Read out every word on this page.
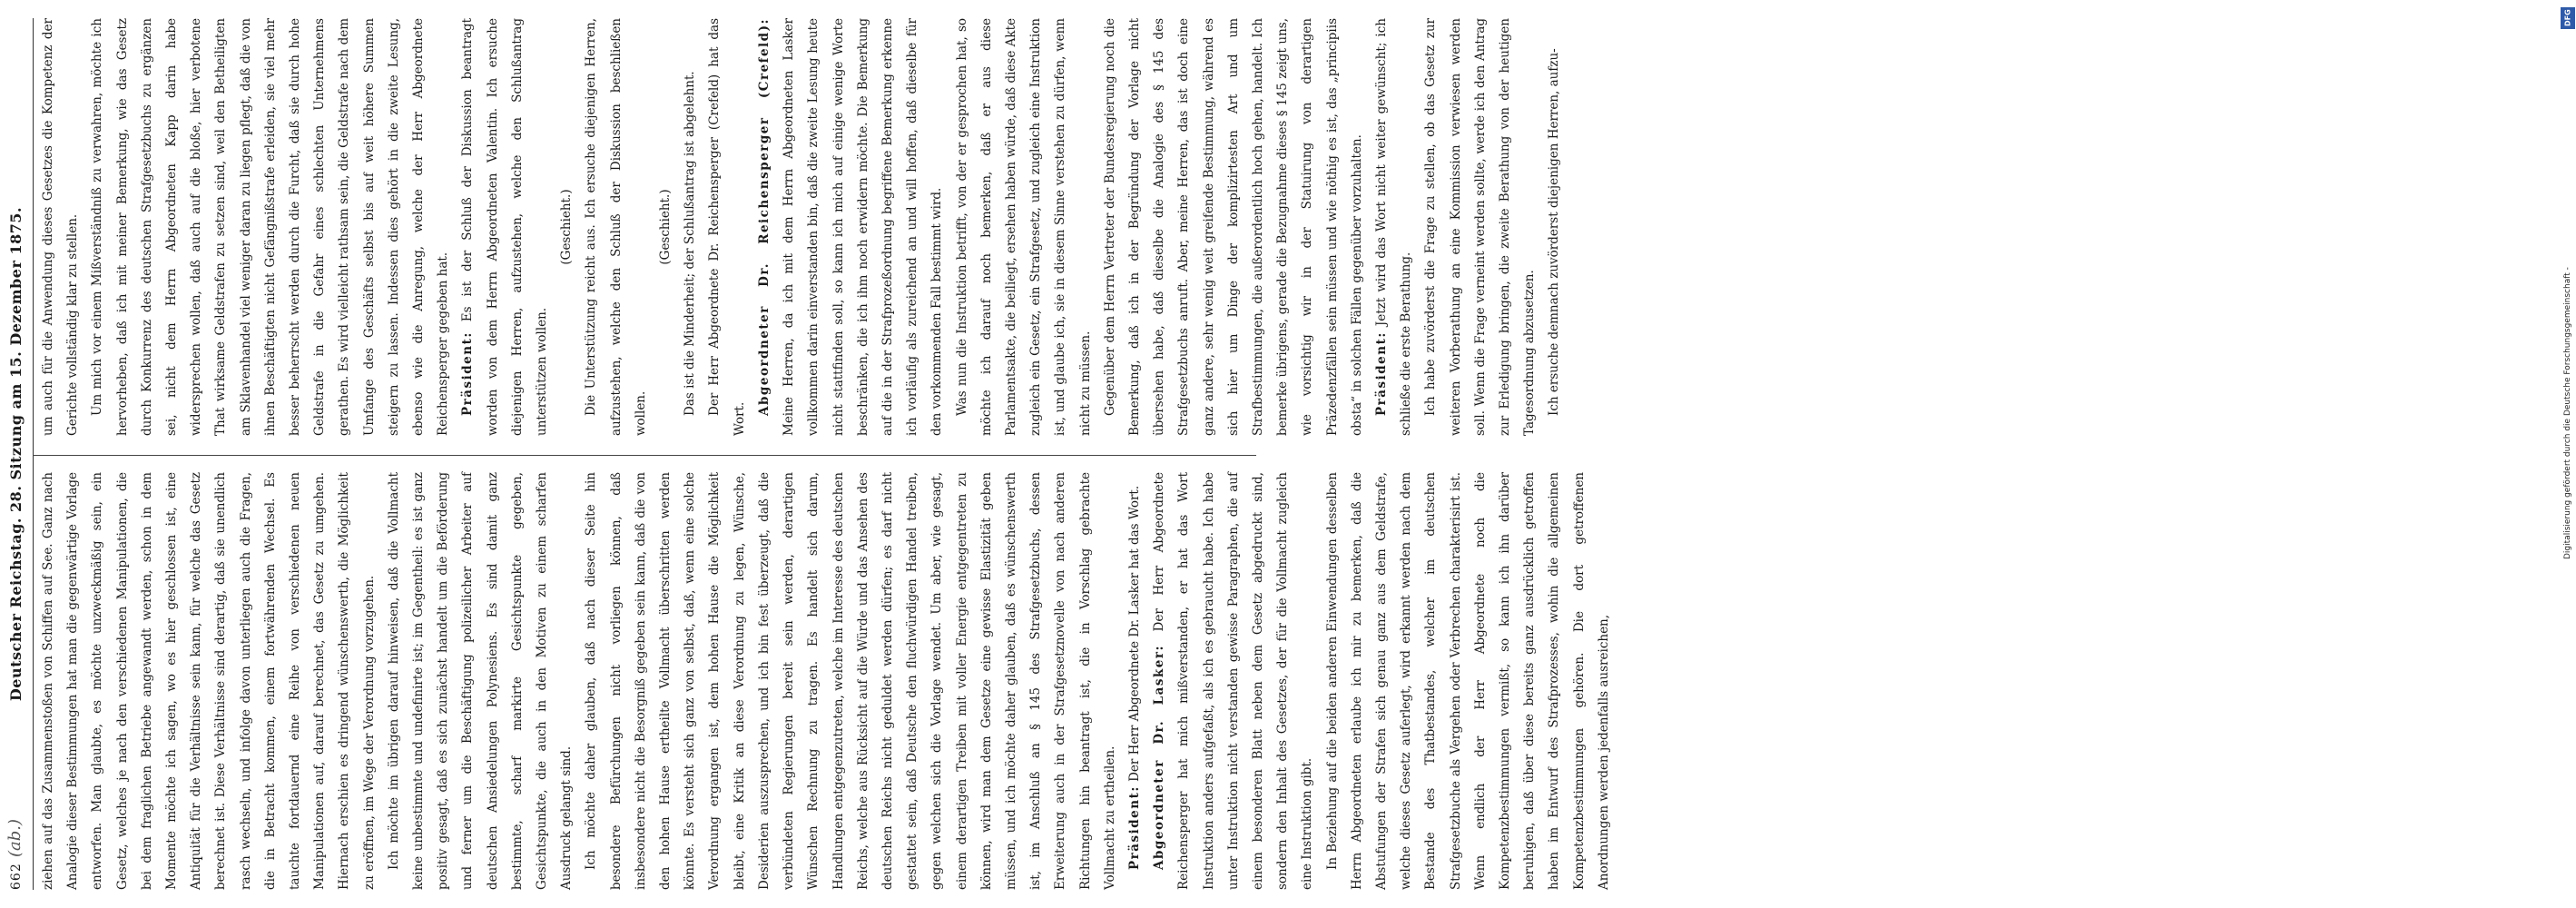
DFG
Digitalisierung gefördert durch die Deutsche Forschungsgemeinschaft -
662
(ab.)
Deutscher Reichstag. 28. Sitzung am 15. Dezember 1875.	ziehen auf das Zusammenstoßen von Schiffen auf See. Ganz nach Analogie dieser Bestimmungen hat man die gegenwärtige Vorlage entworfen. Man glaubte, es möchte unzweckmäßig sein, ein Gesetz, welches je nach den verschiedenen Manipulationen, die bei dem fraglichen Betriebe angewandt werden, schon in dem Momente möchte ich sagen, wo es hier geschlossen ist, eine Antiquität für die Verhältnisse sein kann, für welche das Gesetz berechnet ist. Diese Verhältnisse sind derartig, daß sie unendlich rasch wechseln, und infolge davon unterliegen auch die Fragen, die in Betracht kommen, einem fortwährenden Wechsel. Es tauchte fortdauernd eine Reihe von verschiedenen neuen Manipulationen auf, darauf berechnet, das Gesetz zu umgehen. Hiernach erschien es dringend wünschenswerth, die Möglichkeit zu eröffnen, im Wege der Verordnung vorzugehen. Ich möchte im übrigen darauf hinweisen, daß die Vollmacht keine unbestimmte und undefinirte ist; im Gegentheil: es ist ganz positiv gesagt, daß es sich zunächst handelt um die Beförderung und ferner um die Beschäftigung polizeilicher Arbeiter auf deutschen Ansiedelungen Polynesiens. Es sind damit ganz bestimmte, scharf markirte Gesichtspunkte gegeben, Gesichtspunkte, die auch in den Motiven zu einem scharfen Ausdruck gelangt sind. Ich möchte daher glauben, daß nach dieser Seite hin besondere Befürchungen nicht vorliegen können, daß insbesondere nicht die Besorgniß gegeben sein kann, daß die von den hohen Hause ertheilte Vollmacht überschritten werden könnte. Es versteht sich ganz von selbst, daß, wenn eine solche Verordnung ergangen ist, dem hohen Hause die Möglichkeit bleibt, eine Kritik an diese Verordnung zu legen, Wünsche, Desiderien auszusprechen, und ich bin fest überzeugt, daß die verbündeten Regierungen bereit sein werden, derartigen Wünschen Rechnung zu tragen. Es handelt sich darum, Handlungen entgegenzutreten, welche im Interesse des deutschen Reichs, welche aus Rücksicht auf die Würde und das Ansehen des deutschen Reichs nicht geduldet werden dürfen; es darf nicht gestattet sein, daß Deutsche den fluchwürdigen Handel treiben, gegen welchen sich die Vorlage wendet. Um aber, wie gesagt, einem derartigen Treiben mit voller Energie entgegentreten zu können, wird man dem Gesetze eine gewisse Elastizität geben müssen, und ich möchte daher glauben, daß es wünschenswerth ist, im Anschluß an § 145 des Strafgesetzbuchs, dessen Erweiterung auch in der Strafgesetznovelle von nach anderen Richtungen hin beantragt ist, die in Vorschlag gebrachte Vollmacht zu ertheilen. Präsident: Der Herr Abgeordnete Dr. Lasker hat das Wort. Abgeordneter Dr. Lasker: Der Herr Abgeordnete Reichensperger hat mich mißverstanden, er hat das Wort Instruktion anders aufgefaßt, als ich es gebraucht habe. Ich habe unter Instruktion nicht verstanden gewisse Paragraphen, die auf einem besonderen Blatt neben dem Gesetz abgedruckt sind, sondern den Inhalt des Gesetzes, der für die Vollmacht zugleich eine Instruktion gibt. In Beziehung auf die beiden anderen Einwendungen desselben Herrn Abgeordneten erlaube ich mir zu bemerken, daß die Abstufungen der Strafen sich genau ganz aus dem Geldstrafe, welche dieses Gesetz auferlegt, wird erkannt werden nach dem Bestande des Thatbestandes, welcher im deutschen Strafgesetzbuche als Vergehen oder Verbrechen charakterisirt ist. Wenn endlich der Herr Abgeordnete noch die Kompetenzbestimmungen vermißt, so kann ich ihn darüber beruhigen, daß über diese bereits ganz ausdrücklich getroffen haben im Entwurf des Strafprozesses, wohin die allgemeinen Kompetenzbestimmungen gehören. Die dort getroffenen Anordnungen werden jedenfalls ausreichen,

um auch für die Anwendung dieses Gesetzes die Kompetenz der Gerichte vollständig klar zu stellen. Um mich vor einem Mißverständniß zu verwahren, möchte ich hervorheben, daß ich mit meiner Bemerkung, wie das Gesetz durch Konkurrenz des deutschen Strafgesetzbuchs zu ergänzen sei, nicht dem Herrn Abgeordneten Kapp darin habe widersprechen wollen, daß auch auf die bloße, hier verbotene That wirksame Geldstrafen zu setzen sind, weil den Betheiligten am Sklavenhandel viel weniger daran zu liegen pflegt, daß die von ihnen Beschäftigten nicht Gefängnißstrafe erleiden, sie viel mehr besser beherrscht werden durch die Furcht, daß sie durch hohe Geldstrafe in die Gefahr eines schlechten Unternehmens gerathen. Es wird vielleicht rathsam sein, die Geldstrafe nach dem Umfange des Geschäfts selbst bis auf weit höhere Summen steigern zu lassen. Indessen dies gehört in die zweite Lesung, ebenso wie die Anregung, welche der Herr Abgeordnete Reichensperger gegeben hat. Präsident: Es ist der Schluß der Diskussion beantragt worden von dem Herrn Abgeordneten Valentin. Ich ersuche diejenigen Herren, aufzustehen, welche den Schlußantrag unterstützen wollen.

(Geschieht.) Die Unterstützung reicht aus. Ich ersuche diejenigen Herren, aufzustehen, welche den Schluß der Diskussion beschließen wollen.

(Geschieht.) Das ist die Minderheit; der Schlußantrag ist abgelehnt. Der Herr Abgeordnete Dr. Reichensperger (Crefeld) hat das Wort.

Abgeordneter Dr. Reichensperger (Crefeld): Meine Herren, da ich mit dem Herrn Abgeordneten Lasker vollkommen darin einverstanden bin, daß die zweite Lesung heute nicht stattfinden soll, so kann ich mich auf einige wenige Worte beschränken, die ich ihm noch erwidern möchte. Die Bemerkung auf die in der Strafprozeßordnung begriffene Bemerkung erkenne ich vorläufig als zureichend an und will hoffen, daß dieselbe für den vorkommenden Fall bestimmt wird. Was nun die Instruktion betrifft, von der er gesprochen hat, so möchte ich darauf noch bemerken, daß er aus diese Parlamentsakte, die beiliegt, ersehen haben würde, daß diese Akte zugleich ein Gesetz, ein Strafgesetz, und zugleich eine Instruktion ist, und glaube ich, sie in diesem Sinne verstehen zu dürfen, wenn nicht zu müssen. Gegenüber dem Herrn Vertreter der Bundesregierung noch die Bemerkung, daß ich in der Begründung der Vorlage nicht übersehen habe, daß dieselbe die Analogie des § 145 des Strafgesetzbuchs anruft. Aber, meine Herren, das ist doch eine ganz andere, sehr wenig weit greifende Bestimmung, während es sich hier um Dinge der komplizirtesten Art und um Strafbestimmungen, die außerordentlich hoch gehen, handelt. Ich bemerke übrigens, gerade die Bezugnahme dieses § 145 zeigt uns, wie vorsichtig wir in der Statuirung von derartigen Präzedenzfällen sein müssen und wie nöthig es ist, das „principiis obsta“ in solchen Fällen gegenüber vorzuhalten. Präsident: Jetzt wird das Wort nicht weiter gewünscht; ich schließe die erste Berathung. Ich habe zuvörderst die Frage zu stellen, ob das Gesetz zur weiteren Vorberathung an eine Kommission verwiesen werden soll. Wenn die Frage verneint werden sollte, werde ich den Antrag zur Erledigung bringen, die zweite Berathung von der heutigen Tagesordnung abzusetzen. Ich ersuche demnach zuvörderst diejenigen Herren, aufzu-
